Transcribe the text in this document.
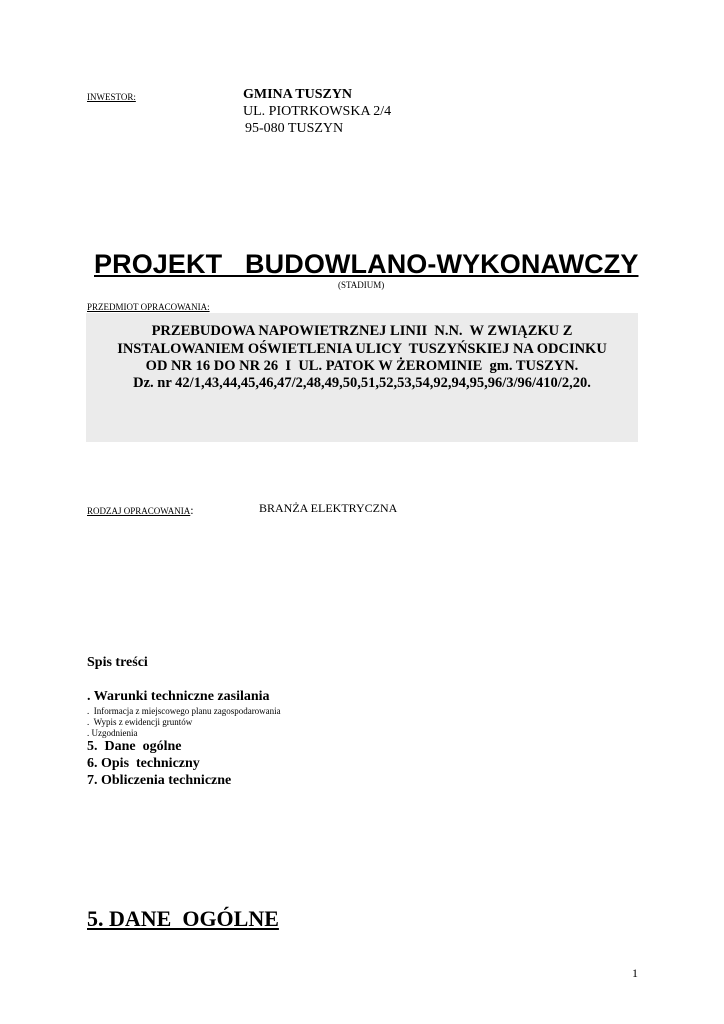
INWESTOR:	GMINA TUSZYN
UL. PIOTRKOWSKA 2/4
95-080 TUSZYN
PROJEKT   BUDOWLANO-WYKONAWCZY
(STADIUM)
PRZEDMIOT OPRACOWANIA:
PRZEBUDOWA NAPOWIETRZNEJ LINII  N.N.  W ZWIĄZKU Z
INSTALOWANIEM OŚWIETLENIA ULICY  TUSZYŃSKIEJ NA ODCINKU
OD NR 16 DO NR 26  I  UL. PATOK W ŻEROMINIE  gm. TUSZYN.
Dz. nr 42/1,43,44,45,46,47/2,48,49,50,51,52,53,54,92,94,95,96/3/96/410/2,20.
RODZAJ OPRACOWANIA:	BRANŻA ELEKTRYCZNA
Spis treści
. Warunki techniczne zasilania
.  Informacja z miejscowego planu zagospodarowania
.  Wypis z ewidencji gruntów
. Uzgodnienia
5.  Dane  ogólne
6. Opis  techniczny
7. Obliczenia techniczne
5. DANE  OGÓLNE
1
